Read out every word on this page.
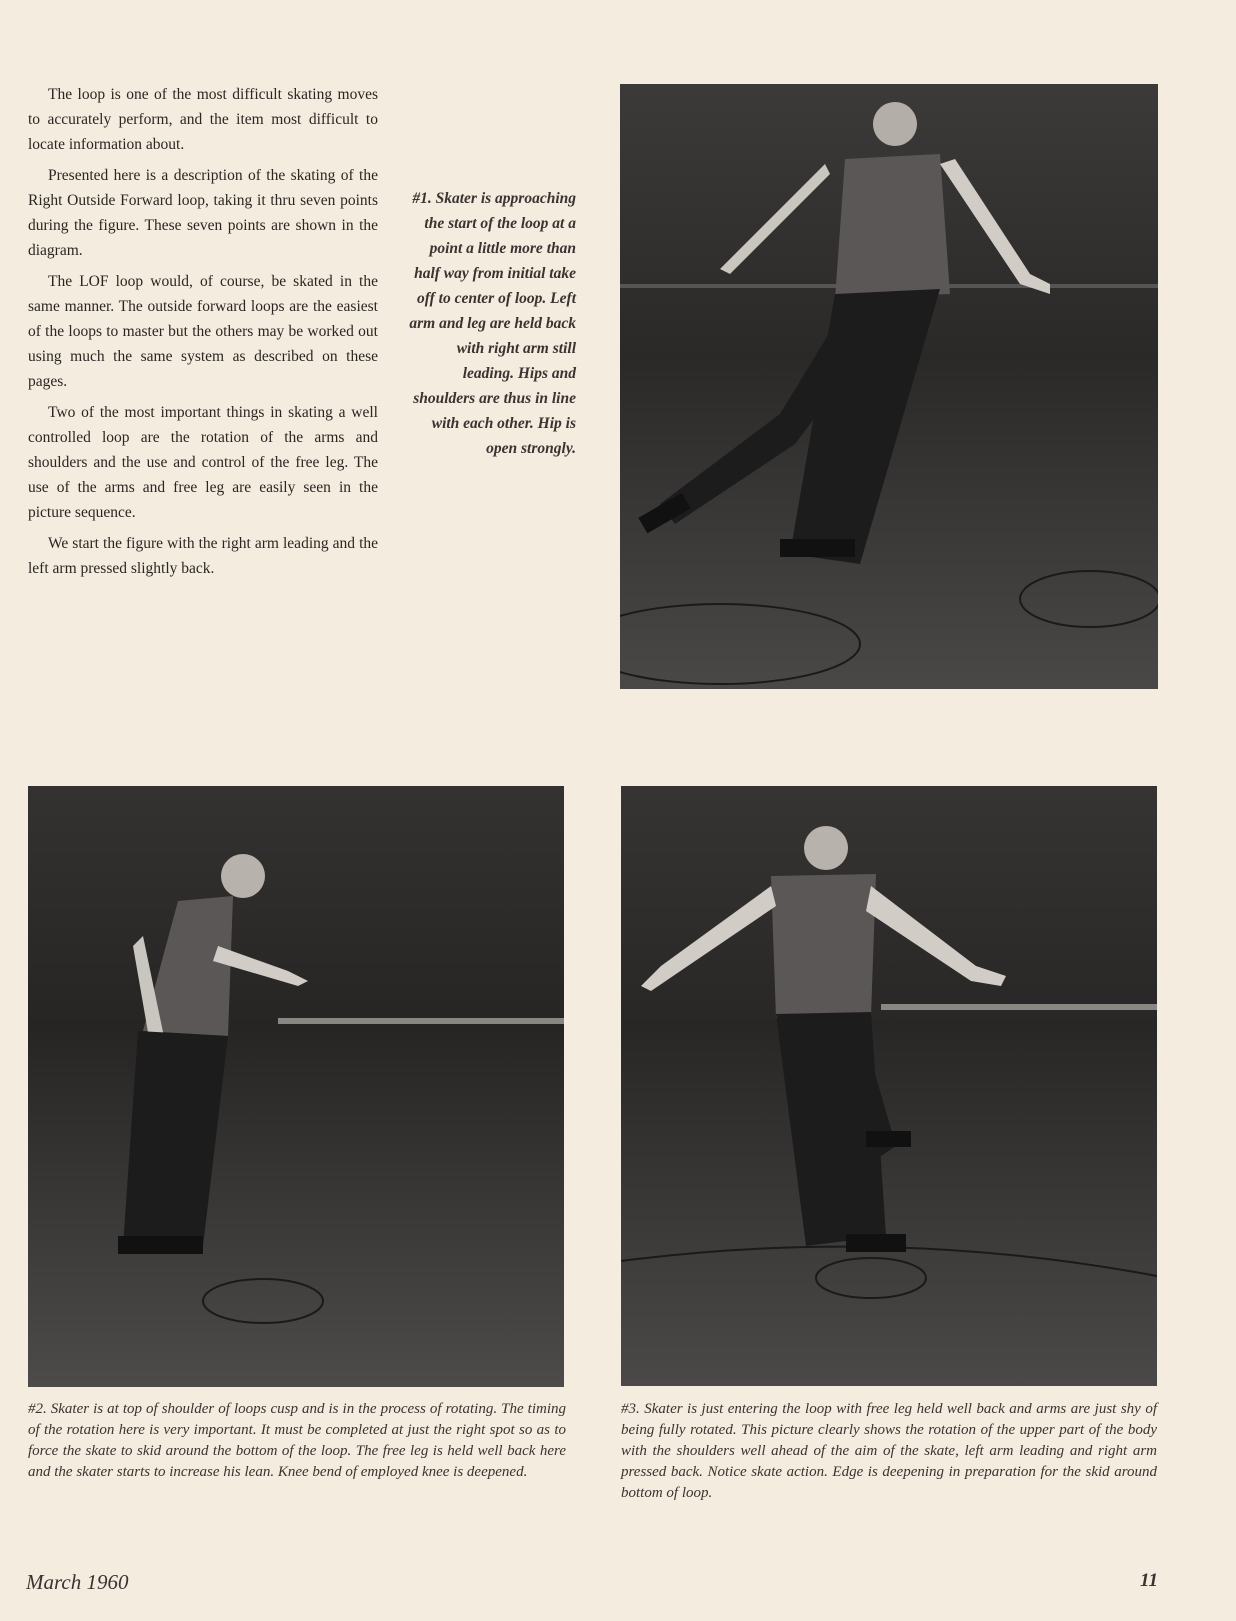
The loop is one of the most difficult skating moves to accurately perform, and the item most difficult to locate information about.

Presented here is a description of the skating of the Right Outside Forward loop, taking it thru seven points during the figure. These seven points are shown in the diagram.

The LOF loop would, of course, be skated in the same manner. The outside forward loops are the easiest of the loops to master but the others may be worked out using much the same system as described on these pages.

Two of the most important things in skating a well controlled loop are the rotation of the arms and shoulders and the use and control of the free leg. The use of the arms and free leg are easily seen in the picture sequence.

We start the figure with the right arm leading and the left arm pressed slightly back.

#1. Skater is approaching the start of the loop at a point a little more than half way from initial take off to center of loop. Left arm and leg are held back with right arm still leading. Hips and shoulders are thus in line with each other. Hip is open strongly.
#2. Skater is at top of shoulder of loops cusp and is in the process of rotating. The timing of the rotation here is very important. It must be completed at just the right spot so as to force the skate to skid around the bottom of the loop. The free leg is held well back here and the skater starts to increase his lean. Knee bend of employed knee is deepened.
#3. Skater is just entering the loop with free leg held well back and arms are just shy of being fully rotated. This picture clearly shows the rotation of the upper part of the body with the shoulders well ahead of the aim of the skate, left arm leading and right arm pressed back. Notice skate action. Edge is deepening in preparation for the skid around bottom of loop.
March 1960	11
